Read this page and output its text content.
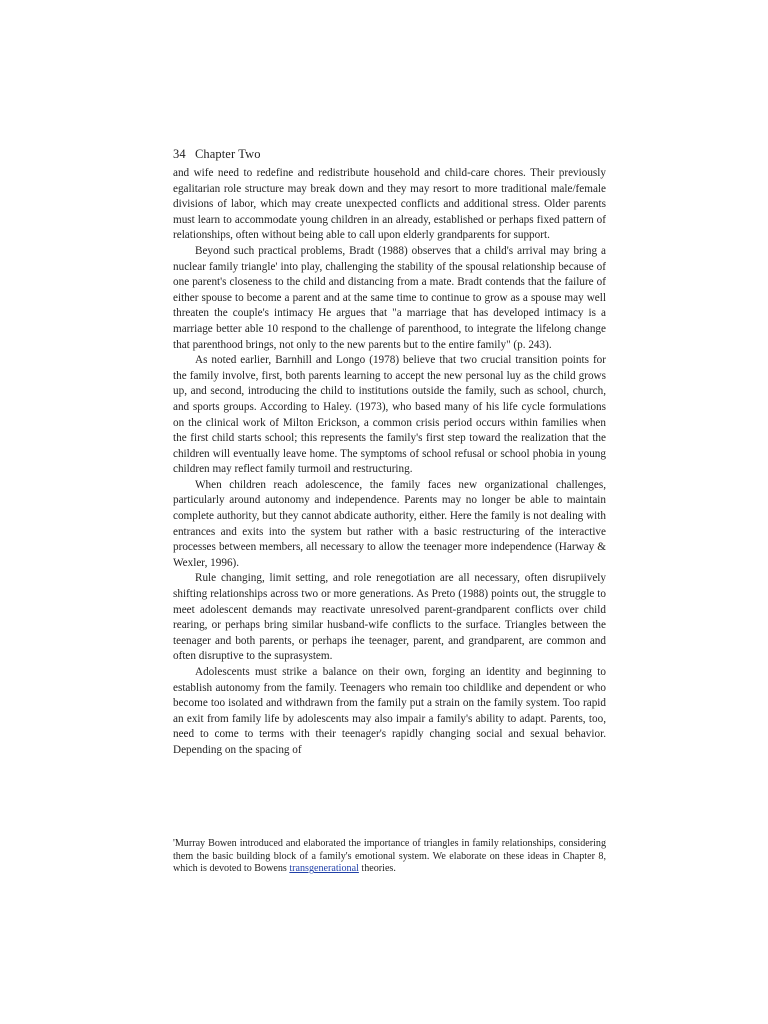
34 Chapter Two

and wife need to redefine and redistribute household and child-care chores. Their previously egalitarian role structure may break down and they may resort to more traditional male/female divisions of labor, which may create unexpected conflicts and additional stress. Older parents must learn to accommodate young children in an already, established or perhaps fixed pattern of relationships, often without being able to call upon elderly grandparents for support.

Beyond such practical problems, Bradt (1988) observes that a child's arrival may bring a nuclear family triangle' into play, challenging the stability of the spousal relationship because of one parent's closeness to the child and distancing from a mate. Bradt contends that the failure of either spouse to become a parent and at the same time to continue to grow as a spouse may well threaten the couple's intimacy He argues that "a marriage that has developed intimacy is a marriage better able 10 respond to the challenge of parenthood, to integrate the lifelong change that parenthood brings, not only to the new parents but to the entire family" (p. 243).

As noted earlier, Barnhill and Longo (1978) believe that two crucial transition points for the family involve, first, both parents learning to accept the new personal luy as the child grows up, and second, introducing the child to institutions outside the family, such as school, church, and sports groups. According to Haley. (1973), who based many of his life cycle formulations on the clinical work of Milton Erickson, a common crisis period occurs within families when the first child starts school; this represents the family's first step toward the realization that the children will eventually leave home. The symptoms of school refusal or school phobia in young children may reflect family turmoil and restructuring.

When children reach adolescence, the family faces new organizational challenges, particularly around autonomy and independence. Parents may no longer be able to maintain complete authority, but they cannot abdicate authority, either. Here the family is not dealing with entrances and exits into the system but rather with a basic restructuring of the interactive processes between members, all necessary to allow the teenager more independence (Harway & Wexler, 1996).

Rule changing, limit setting, and role renegotiation are all necessary, often disrupiively shifting relationships across two or more generations. As Preto (1988) points out, the struggle to meet adolescent demands may reactivate unresolved parent-grandparent conflicts over child rearing, or perhaps bring similar husband-wife conflicts to the surface. Triangles between the teenager and both parents, or perhaps ihe teenager, parent, and grandparent, are common and often disruptive to the suprasystem.

Adolescents must strike a balance on their own, forging an identity and beginning to establish autonomy from the family. Teenagers who remain too childlike and dependent or who become too isolated and withdrawn from the family put a strain on the family system. Too rapid an exit from family life by adolescents may also impair a family's ability to adapt. Parents, too, need to come to terms with their teenager's rapidly changing social and sexual behavior. Depending on the spacing of

'Murray Bowen introduced and elaborated the importance of triangles in family relationships, considering them the basic building block of a family's emotional system. We elaborate on these ideas in Chapter 8, which is devoted to Bowens transgenerational theories.
